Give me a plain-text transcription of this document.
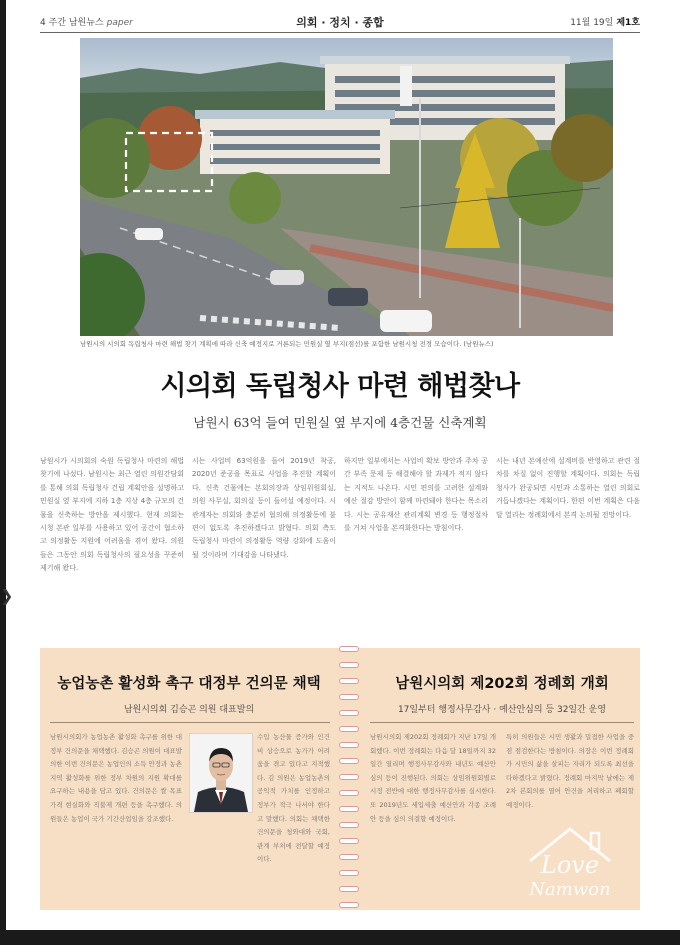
❯
4 주간 남원뉴스 paper	의회 · 정치 · 종합	11월 19일 제1호
남원시의 시의회 독립청사 마련 해법 찾기 계획에 따라 신축 예정지로 거론되는 민원실 옆 부지(점선)를 포함한 남원시청 전경 모습이다. (남원뉴스)
시의회 독립청사 마련 해법찾나
남원시 63억 들여 민원실 옆 부지에 4층건물 신축계획
남원시가 시의회의 숙원 독립청사 마련의 해법 찾기에 나섰다. 남원시는 최근 열린 의원간담회를 통해 의회 독립청사 건립 계획안을 설명하고 민원실 옆 부지에 지하 1층 지상 4층 규모의 건물을 신축하는 방안을 제시했다. 현재 의회는 시청 본관 일부를 사용하고 있어 공간이 협소하고 의정활동 지원에 어려움을 겪어 왔다. 의원들은 그동안 의회 독립청사의 필요성을 꾸준히 제기해 왔다.
시는 사업비 63억원을 들여 2019년 착공, 2020년 준공을 목표로 사업을 추진할 계획이다. 신축 건물에는 본회의장과 상임위원회실, 의원 사무실, 회의실 등이 들어설 예정이다. 시 관계자는 의회와 충분히 협의해 의정활동에 불편이 없도록 추진하겠다고 밝혔다. 의회 측도 독립청사 마련이 의정활동 역량 강화에 도움이 될 것이라며 기대감을 나타냈다.
하지만 일부에서는 사업비 확보 방안과 주차 공간 부족 문제 등 해결해야 할 과제가 적지 않다는 지적도 나온다. 시민 편의를 고려한 설계와 예산 절감 방안이 함께 마련돼야 한다는 목소리다. 시는 공유재산 관리계획 변경 등 행정절차를 거쳐 사업을 본격화한다는 방침이다.
시는 내년 본예산에 설계비를 반영하고 관련 절차를 차질 없이 진행할 계획이다. 의회는 독립청사가 완공되면 시민과 소통하는 열린 의회로 거듭나겠다는 계획이다. 한편 이번 계획은 다음 달 열리는 정례회에서 본격 논의될 전망이다.
농업농촌 활성화 촉구 대정부 건의문 채택
남원시의회 김승곤 의원 대표발의
남원시의회가 농업농촌 활성화 촉구를 위한 대정부 건의문을 채택했다. 김승곤 의원이 대표발의한 이번 건의문은 농업인의 소득 안정과 농촌 지역 활성화를 위한 정부 차원의 지원 확대를 요구하는 내용을 담고 있다. 건의문은 쌀 목표가격 현실화와 직불제 개편 등을 촉구했다. 의원들은 농업이 국가 기간산업임을 강조했다.
수입 농산물 증가와 인건비 상승으로 농가가 어려움을 겪고 있다고 지적했다. 김 의원은 농업농촌의 공익적 가치를 인정하고 정부가 적극 나서야 한다고 말했다. 의회는 채택한 건의문을 청와대와 국회, 관계 부처에 전달할 예정이다.
남원시의회 제202회 정례회 개회
17일부터 행정사무감사 · 예산안심의 등 32일간 운영
남원시의회 제202회 정례회가 지난 17일 개회했다. 이번 정례회는 다음 달 18일까지 32일간 열리며 행정사무감사와 내년도 예산안 심의 등이 진행된다. 의회는 상임위원회별로 시정 전반에 대한 행정사무감사를 실시한다. 또 2019년도 세입세출 예산안과 각종 조례안 등을 심의 의결할 예정이다.
특히 의원들은 시민 생활과 밀접한 사업을 중점 점검한다는 방침이다. 의장은 이번 정례회가 시민의 삶을 살피는 자리가 되도록 최선을 다하겠다고 밝혔다. 정례회 마지막 날에는 제2차 본회의를 열어 안건을 처리하고 폐회할 예정이다.
Love
Namwon
